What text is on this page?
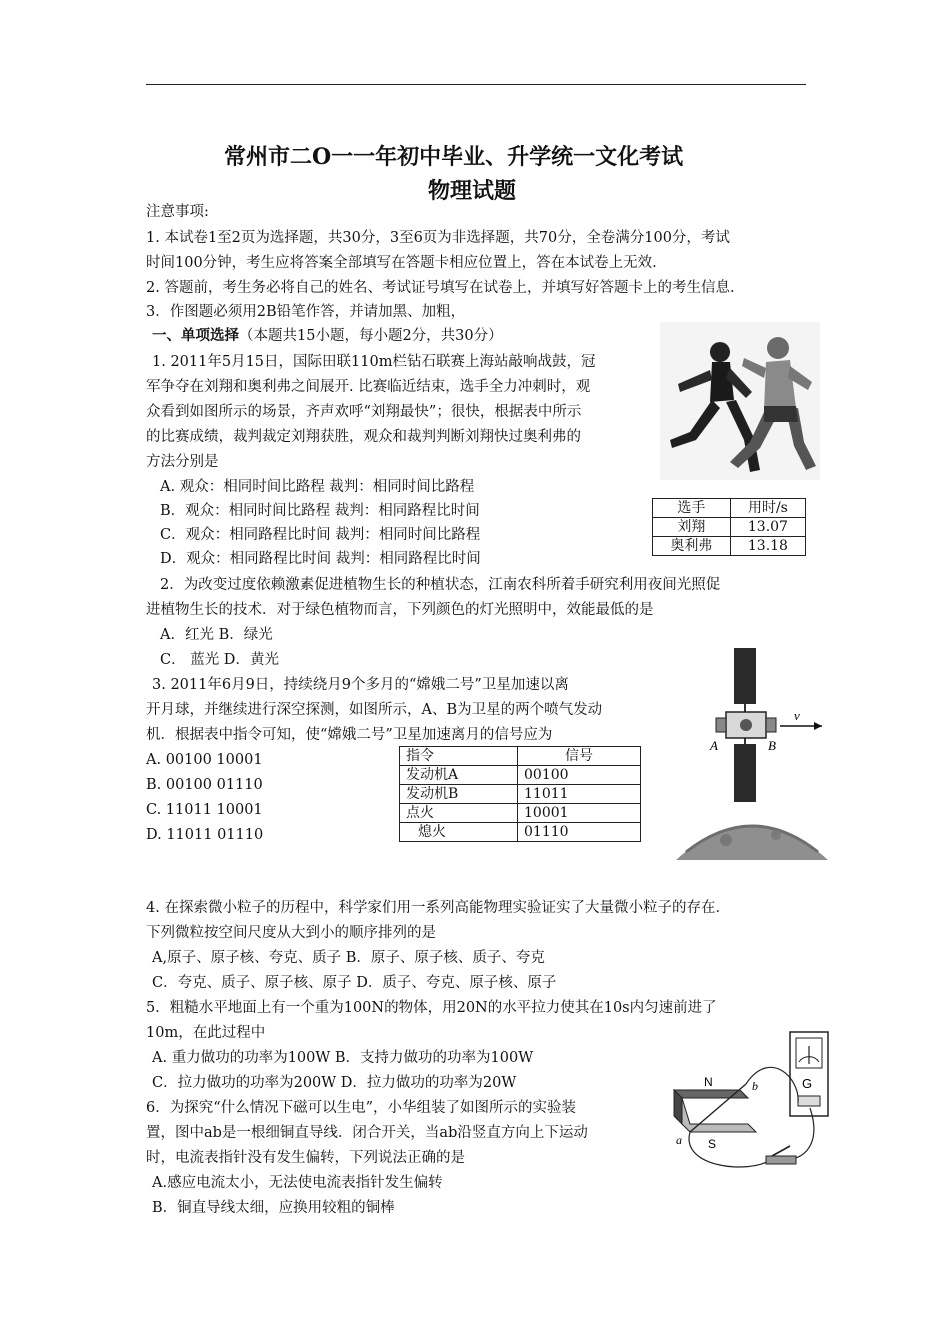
常州市二O一一年初中毕业、升学统一文化考试
物理试题
注意事项:
1. 本试卷1至2页为选择题，共30分，3至6页为非选择题，共70分，全卷满分100分，考试
时间100分钟，考生应将答案全部填写在答题卡相应位置上，答在本试卷上无效.
2. 答题前，考生务必将自己的姓名、考试证号填写在试卷上，并填写好答题卡上的考生信息.
3．作图题必须用2B铅笔作答，并请加黑、加粗，
一、单项选择（本题共15小题，每小题2分，共30分）
1. 2011年5月15日，国际田联110m栏钻石联赛上海站敲响战鼓，冠
军争夺在刘翔和奥利弗之间展开. 比赛临近结束，选手全力冲刺时，观
众看到如图所示的场景，齐声欢呼“刘翔最快”；很快，根据表中所示
的比赛成绩，裁判裁定刘翔获胜，观众和裁判判断刘翔快过奥利弗的
方法分别是
A. 观众：相同时间比路程 裁判：相同时间比路程
B．观众：相同时间比路程 裁判：相同路程比时间
C．观众：相同路程比时间 裁判：相同时间比路程
D．观众：相同路程比时间 裁判：相同路程比时间
选手	用时/s
刘翔	13.07
奥利弗	13.18
2．为改变过度依赖激素促进植物生长的种植状态，江南农科所着手研究利用夜间光照促
进植物生长的技术．对于绿色植物而言，下列颜色的灯光照明中，效能最低的是
A．红光 B．绿光
C． 蓝光 D．黄光
3. 2011年6月9日，持续绕月9个多月的“嫦娥二号”卫星加速以离
开月球，并继续进行深空探测，如图所示，A、B为卫星的两个喷气发动
机．根据表中指令可知，使“嫦娥二号”卫星加速离月的信号应为
A. 00100 10001
B. 00100 01110
C. 11011 10001
D. 11011 01110
指令	信号
发动机A	00100
发动机B	11011
点火	10001
熄火	01110
v
A	B
4. 在探索微小粒子的历程中，科学家们用一系列高能物理实验证实了大量微小粒子的存在．
下列微粒按空间尺度从大到小的顺序排列的是
A,原子、原子核、夸克、质子 B．原子、原子核、质子、夸克
C．夸克、质子、原子核、原子 D．质子、夸克、原子核、原子
5．粗糙水平地面上有一个重为100N的物体，用20N的水平拉力使其在10s内匀速前进了
10m，在此过程中
A. 重力做功的功率为100W B．支持力做功的功率为100W
C．拉力做功的功率为200W D．拉力做功的功率为20W
6．为探究“什么情况下磁可以生电”，小华组装了如图所示的实验装
置，图中ab是一根细铜直导线．闭合开关，当ab沿竖直方向上下运动
时，电流表指针没有发生偏转，下列说法正确的是
A.感应电流太小，无法使电流表指针发生偏转
B．铜直导线太细，应换用较粗的铜棒
G
N
S
b
a
